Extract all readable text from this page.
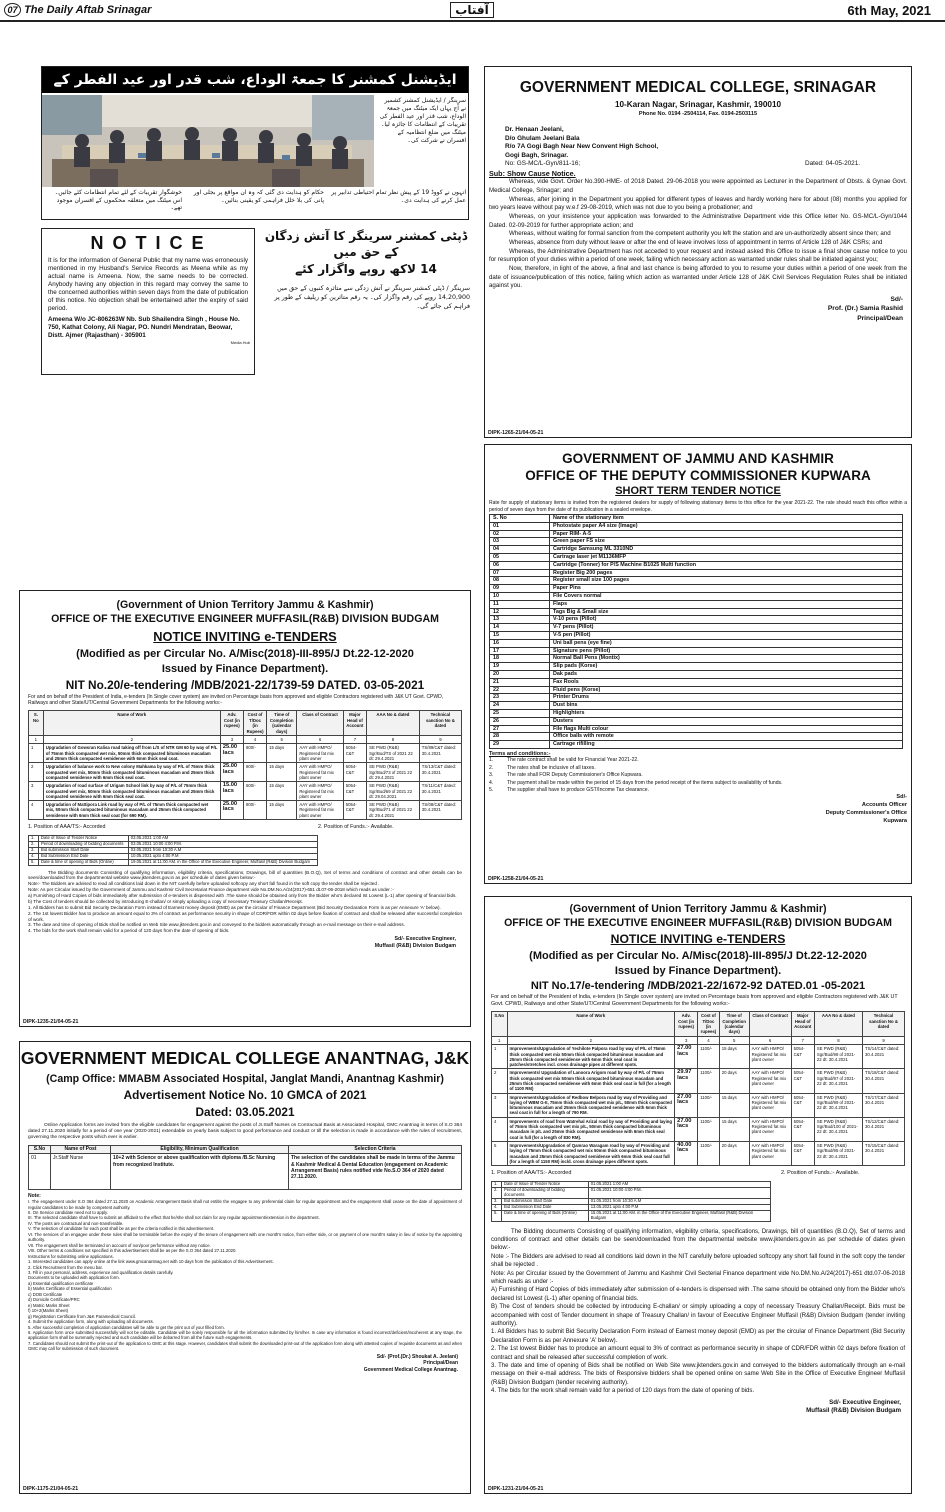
07 The Daily Aftab Srinagar	آفتاب	6th May, 2021
ایڈیشنل کمشنر کا جمعۃ الوداع، شب قدر اور عید الفطر کے
سرینگر / ایڈیشنل کمشنر کشمیر نے آج یہاں ایک میٹنگ میں جمعۃ الوداع، شب قدر اور عید الفطر کی تقریبات کے انتظامات کا جائزہ لیا۔ میٹنگ میں ضلع انتظامیہ کے افسران نے شرکت کی۔
انہوں نے کووڈ 19 کے پیش نظر تمام احتیاطی تدابیر پر عمل کرنے کی ہدایت دی۔
حکام کو ہدایت دی گئی کہ وہ ان مواقع پر بجلی اور پانی کی بلا خلل فراہمی کو یقینی بنائیں۔
خوشگوار تقریبات کے لئے تمام انتظامات کئے جائیں۔ اس میٹنگ میں متعلقہ محکموں کے افسران موجود تھے۔
N O T I C E
It is for the information of General Public that my name was erroneously mentioned in my Husband's Service Records as Meena while as my actual name is Ameena. Now, the same needs to be corrected. Anybody having any objection in this regard may convey the same to the concerned authorities within seven days from the date of publication of this notice. No objection shall be entertained after the expiry of said period.
Ameena W/o JC-806263W Nb. Sub Shailendra Singh , House No. 750, Kathat Colony, Ali Nagar, PO. Nundri Mendratan, Beowar, Distt. Ajmer (Rajasthan) - 305901
Media Hub
ڈپٹی کمشنر سرینگر کا آتش زدگان کے حق میں
14 لاکھ روپے واگزار کئے
سرینگر / ڈپٹی کمشنر سرینگر نے آتش زدگی سے متاثرہ کنبوں کے حق میں 14,20,900 روپے کی رقم واگزار کی۔ یہ رقم متاثرین کو ریلیف کے طور پر فراہم کی جائے گی۔
GOVERNMENT MEDICAL COLLEGE, SRINAGAR
10-Karan Nagar, Srinagar, Kashmir, 190010
Phone No. 0194 -2504114, Fax. 0194-2503115
Dr. Henaan Jeelani,
D/o Ghulam Jeelani Bala
R/o 7A Gogi Bagh Near New Convent High School,
Gogi Bagh, Srinagar.
No: GS-MC/L-Gyn/811-16;	Dated: 04-05-2021.
Sub: Show Cause Notice.

Whereas, vide Govt. Order No.390-HME- of 2018 Dated. 29-06-2018 you were appointed as Lecturer in the Department of Obsts. & Gynae Govt. Medical College, Srinagar; and

Whereas, after joining in the Department you applied for different types of leaves and hardly working here for about (08) months you applied for two years leave without pay w.e.f 29-08-2019, which was not due to you being a probationer; and

Whereas, on your insistence your application was forwarded to the Administrative Department vide this Office letter No. GS-MC/L-Gyn/1044 Dated. 02-09-2019 for further appropriate action; and

Whereas, without waiting for formal sanction from the competent authority you left the station and are un-authorizedly absent since then; and

Whereas, absence from duty without leave or after the end of leave involves loss of appointment in terms of Article 128 of J&K CSRs; and

Whereas, the Administrative Department has not acceded to your request and instead asked this Office to issue a final show cause notice to you for resumption of your duties within a period of one week, failing which necessary action as warranted under rules shall be initiated against you;

Now, therefore, in light of the above, a final and last chance is being afforded to you to resume your duties within a period of one week from the date of issuance/publication of this notice, failing which action as warranted under Article 128 of J&K Civil Services Regulation Rules shall be initiated against you.

Sd/-
Prof. (Dr.) Samia Rashid
Principal/Dean
DIPK-1265-21/04-05-21
GOVERNMENT OF JAMMU AND KASHMIR
OFFICE OF THE DEPUTY COMMISSIONER KUPWARA
SHORT TERM TENDER NOTICE
Rate for supply of stationary items is invited from the registered dealers for supply of following stationary items to this office for the year 2021-22. The rate should reach this office within a period of seven days from the date of its publication in a sealed envelope.
S. No	Name of the stationary item
01	Photostate paper A4 size (Image)
02	Paper RIM- A-5
03	Green paper FS size
04	Cartridge Samsung ML 3310ND
05	Cartrage laser jet M1136MFP
06	Cartridge (Tonner) for P/S Machine B1025 Multi function
07	Register Big 200 pages
08	Register small size 100 pages
09	Paper Pins
10	File Covers normal
11	Flaps
12	Tags Big & Small size
13	V-10 pens (Pillot)
14	V-7 pens (Pillot)
15	V-5 pen (Pillot)
16	Uni ball pens (eye fine)
17	Signature pens (Pillot)
18	Normal Ball Pens (Montix)
19	Slip pads (Korse)
20	Dak pads
21	Fax Rools
22	Fluid pens (Korse)
23	Printer Drums
24	Dust bins
25	Highlighters
26	Dusters
27	File flags Multi colour
28	Office balls with remote
29	Cartrage rifilling
Terms and conditions:-
1.	The rate contract shall be valid for Financial Year 2021-22.
2.	The rates shall be inclusive of all taxes.
3.	The rate shall FOR Deputy Commissioner's Office Kupwara.
4.	The payment shall be made within the period of 15 days from the period receipt of the items subject to availability of funds.
5.	The supplier shall have to produce GST/Income Tax clearance.
Sd/-
Accounts Officer
Deputy Commissioner's Office
Kupwara
DIPK-1258-21/04-05-21
(Government of Union Territory Jammu & Kashmir)
OFFICE OF THE EXECUTIVE ENGINEER MUFFASIL(R&B) DIVISION BUDGAM
NOTICE INVITING e-TENDERS
(Modified as per Circular No. A/Misc(2018)-III-895/J Dt.22-12-2020
Issued by Finance Department).
NIT No.20/e-tendering /MDB/2021-22/1739-59 DATED. 03-05-2021
For and on behalf of the President of India, e-tenders (In Single cover system) are invited on Percentage basis from approved and eligible Contractors registered with J&K UT Govt. CPWD, Railways and other State/UT/Central Government Departments for the following works:-
S. No	Name of Work	Adv. Cost (in rupees)	Cost of T/Doc (in Rupees)	Time of Completion (calendar days)	Class of Contract	Major Head of Account	AAA No & dated	Technical sanction No & dated
1	2	3	4	5	6	7	8	9
1	Upgradation of Gowsran Kalisa road taking off from L/S of NTR GM 60 by way of P/L of 75mm thick compacted wet mix, 50mm thick compacted bituminous macadam and 25mm thick compacted semidense with 6mm thick seal coat.	25.00 lacs	800/-	15 days	AAY with HMPO/ Registered fat mix plant owner	5054- C&T	SE PWD (R&B) Sgr/Bud/TS of 2021 22 dt: 29.4.2021	TS/89/C&T dated: 30.4.2021
2	Upgradation of balance work to New colony Mahkama by way of P/L of 75mm thick compacted wet mix, 50mm thick compacted bituminous macadam and 25mm thick compacted semidense with 6mm thick seal coat.	25.00 lacs	800/-	15 days	AAY with HMPO/ Registered fat mix plant owner	5054- C&T	SE PWD (R&B) Sgr/Bud/73 of 2021 22 dt: 29.4.2021	TS/13/C&T dated: 30.4.2021
3	Upgradation of road surface of Urigam School link by way of P/L of 75mm thick compacted wet mix, 50mm thick compacted bituminous macadam and 25mm thick compacted semidense with 6mm thick seal coat.	15.00 lacs	600/-	15 days	AAY with HMPO/ Registered fat mix plant owner	5054- C&T	SE PWD (R&B) Sgr/Bud/69 of 2021 22 dt: 29.04.2021	TS/11/C&T dated: 30.4.2021
4	Upgradation of Mattipora Link road by way of P/L of 75mm thick compacted wet mix, 50mm thick compacted bituminous macadam and 25mm thick compacted semidense with 6mm thick seal coat (for 690 RM).	25.00 lacs	800/-	15 days	AAY with HMPO/ Registered fat mix plant owner	5054- C&T	SE PWD (R&B) Sgr/Bud/71 of 2021 22 dt: 29.4.2021	TS/08/C&T dated: 30.4.2021
1. Position of AAA/TS:- Accorded	2. Position of Funds.:- Available.
1.	Date of Issue of Tender Notice	03.05.2021 1:00 AM
2.	Period of downloading of bidding documents	03.05.2021 10:00 4:00 P.M.
3.	Bid submission Start Date	03.05.2021 from 10:30 A.M
4.	Bid Submission End Date	10.05.2021 upto 4:00 P.M
5.	Date & time of opening of Bids (Online)	19.05.2021 at 11:00 AM. in the Office of the Executive Engineer, Muffasil (R&B) Division Budgam
The Bidding documents Consisting of qualifying information, eligibility criteria, specifications, Drawings, bill of quantities (B.O.Q), Set of terms and conditions of contract and other details can be seen/downloaded from the departmental website www.jktenders.gov.in as per schedule of dates given below:-
Note:- The Bidders are advised to read all conditions laid down in the NIT carefully before uploaded softcopy any short fall found in the soft copy the tender shall be rejected .
Note: As per Circular issued by the Government of Jammu and Kashmir Civil Secretariat Finance department vide No.DM.No.A/24(2017)-651 dt.07-06-2018 which reads as under :-
a) Furnishing of Hard Copies of bids immediately after submission of e-tenders is dispensed with .The same should be obtained only from the Bidder who's declared Ist Lowest (L-1) after opening of financial bids.
b) The Cost of tenders should be collected by introducing E-challan/ or simply uploading a copy of necessary Treasury Challan/Receipt.
1. All Bidders has to submit Bid Security Declaration Form instead of Earnest money deposit (EMD) as per the circular of Finance Department (Bid Security Declaration Form is as per Annexure 'A' below).
2. The 1st lowest Bidder has to produce an amount equal to 3% of contract as performance security in shape of CDR/FDR within 02 days before fixation of contract and shall be released after successful completion of work.
3. The date and time of opening of Bids shall be notified on Web Site www.jktenders.gov.in and conveyed to the bidders automatically through an e-mail message on their e-mail address.
4. The bids for the work shall remain valid for a period of 120 days from the date of opening of bids.
Sd/- Executive Engineer,
Muffasil (R&B) Division Budgam
DIPK-1235-21/04-05-21
GOVERNMENT MEDICAL COLLEGE ANANTNAG, J&K
(Camp Office: MMABM Associated Hospital, Janglat Mandi, Anantnag Kashmir)
Advertisement Notice No. 10 GMCA of 2021
Dated: 03.05.2021
Online Application forms are invited from the eligible candidates for engagement against the posts of Jr.Staff Nurses on Contractual Basis at Associated Hospital, GMC Anantnag in terms of S.O 364 dated 27.11.2020 initially for a period of one year (2020-2021) extendable on yearly basis subject to good performance and conduct or till the selection is made in accordance with the rules of recruitment, governing the respective posts which ever is earlier.
S.No	Name of Post	Eligibility, Minimum Qualification	Selection Criteria
01	Jr.Staff Nurse	10+2 with Science or above qualification with diploma /B.Sc Nursing from recognized Institute.	The selection of the candidates shall be made in terms of the Jammu & Kashmir Medical & Dental Education (engagement on Academic Arrangement Basis) rules notified vide No.S.O 364 of 2020 dated 27.11.2020.
Note:
I. The engagement under S.O 364 dated 27.11.2020 on Academic Arrangement Basis shall not entitle the engagee to any preferential claim for regular appointment and the engagement shall cease on the date of appointment of regular candidates to be made by competent authority.
II. On Service candidate need not to apply.
III. The selected candidate shall have to submit an affidavit to the effect that he/she shall not claim for any regular appointment/extension in the department.
IV. The posts are contractual and non-transferable.
V. The selection of candidate for each post shall be as per the criteria notified in this advertisement.
VI. The services of an engagee under these rules shall be terminable before the expiry of the tenure of engagement with one month's notice, from either side, or on payment of one month's salary in lieu of notice by the appointing authority.
VII. The engagement shall be terminated on account of non/poor performance without any notice.
VIII. Other terms & conditions not specified in this advertisement shall be as per the S.O 364 dated 27.11.2020.
Instructions for submitting online applications.
1. Interested candidates can apply online at the link www.gmcanantnag.net with 10 days from the publication of this Advertisement.
2. Click Recruitment from the menu bar.
3. Fill in your personal, address, experience and qualification details carefully.
Documents to be uploaded with application form.
a) Essential qualification certificate
b) Marks Certificate of Essential qualification
c) DOB Certificate
d) Domicile Certificate/PRC
e) Matric Marks Sheet
f) 10+2(Marks Sheet)
g) Registration Certificate from J&K Paramedical Council.
4. Submit the application form, along with uploading all documents.
5. After successful completion of application candidates will be able to get the print out of your filled form.
6. Application form once submitted successfully will not be editable. Candidate will be solely responsible for all the information submitted by him/her. In case any information is found incorrect/deficient/incoherent at any stage, the application form shall be summarily rejected and such candidate will be debarred from all the future such engagements.
7. Candidates should not submit the print-out of the application to GMC at this stage. However, candidates shall submit the downloaded print-out of the application form along with attested copies of requisite documents as and when GMC may call for submission of such document.
Sd/- (Prof.(Dr.) Shoukat A. Jeelani)
Principal/Dean
Government Medical College Anantnag.
DIPK-1175-21/04-05-21
(Government of Union Territory Jammu & Kashmir)
OFFICE OF THE EXECUTIVE ENGINEER MUFFASIL(R&B) DIVISION BUDGAM
NOTICE INVITING e-TENDERS
(Modified as per Circular No. A/Misc(2018)-III-895/J Dt.22-12-2020
Issued by Finance Department).
NIT No.17/e-tendering /MDB/2021-22/1672-92 DATED.01 -05-2021
For and on behalf of the President of India, e-tenders (In Single cover system) are invited on Percentage basis from approved and eligible Contractors registered with J&K UT Govt. CPWD, Railways and other State/UT/Central Government Departments for the following works:-
S.No	Name of Work	Adv. Cost (in rupees)	Cost of T/Doc (in rupees)	Time of Completion (calendar days)	Class of Contract	Major Head of Account	AAA No & dated	Technical sanction No & dated
1	2	3	4	5	6	7	8	9
1	Improvements/Upgradation of Yechilote Palpora road by way of P/L of 75mm thick compacted wet mix 50mm thick compacted bituminous macadam and 25mm thick compacted semidense with 6mm thick seal coat in patches/stretches incl. cross drainage pipes at different spots.	27.00 lacs	1100/-	15 days	AAY with HMPO/ Registered fat mix plant owner	5054-C&T	SE PWD (R&B) Sgr/Bud/98 of 2021-22 dt: 30.4.2021	TS/14/C&T dated: 30.4.2021
2	Improvements/ Upgradation of Lanoora Arigom road by way of P/L of 75mm thick compacted wet mix 50mm thick compacted bituminous macadam and 25mm thick compacted semidense with 6mm thick seal coat in full (for a length of 1100 RM)	29.97 lacs	1100/-	20 days	AAY with HMPO/ Registered fat mix plant owner	5054-C&T	SE PWD (R&B) Sgr/Bud/97 of 2021-22 dt: 30.4.2021	TS/18/C&T dated: 30.4.2021
3	Improvements/Upgradation of Redbow Belpora road by way of Providing and laying of WBM G-II, 75mm thick compacted wet mix p/L, 50mm thick compacted bituminous macadam and 25mm thick compacted semidense with 6mm thick seal coat in full for a length of 790 RM.	27.00 lacs	1100/-	15 days	AAY with HMPO/ Registered fat mix plant owner	5054-C&T	SE PWD (R&B) Sgr/Bud/99 of 2021-22 dt: 30.4.2021	TS/17/C&T dated: 30.4.2021
4	Improvements of road from Watrehal Arizal road by way of Providing and laying of 75mm thick compacted wet mix p/L, 50mm thick compacted bituminous macadam in p/L and 25mm thick compacted semidense with 6mm thick seal coat in full (for a length of 830 RM).	27.00 lacs	1100/-	15 days	AAY with HMPO/ Registered fat mix plant owner	5054-C&T	SE PWD (R&B) Sgr/Bud/100 of 2021-22 dt: 30.4.2021	TS/12/C&T dated: 30.4.2021
5	Improvements/Upgradation of Qamrao Waragam road by way of Providing and laying of 75mm thick compacted wet mix 50mm thick compacted bituminous macadam and 25mm thick compacted semidense with 6mm thick seal coat full (for a length of 1150 RM) incld. cross drainage pipes different spots.	40.00 lacs	1100/-	20 days	AAY with HMPO/ Registered fat mix plant owner	5054-C&T	SE PWD (R&B) Sgr/Bud/95 of 2021-22 dt: 30.4.2021	TS/15/C&T dated: 30.4.2021
1. Position of AAA/TS:- Accorded	2. Position of Funds.:- Available.
1.	Date of Issue of Tender Notice	01.05.2021 1:00 AM
2.	Period of downloading of bidding documents	01.05.2021 10:00 4:00 P.M.
3.	Bid submission Start Date	01.05.2021 from 10:30 A.M
4.	Bid Submission End Date	13.05.2021 upto 4:00 P.M
5.	Date & time of opening of Bids (Online)	15.05.2021 at 11:00 AM. in the Office of the Executive Engineer, Muffasil (R&B) Division Budgam
The Bidding documents Consisting of qualifying information, eligibility criteria, specifications, Drawings, bill of quantities (B.O.Q), Set of terms and conditions of contract and other details can be seen/downloaded from the departmental website www.jktenders.gov.in as per schedule of dates given below:-
Note :- The Bidders are advised to read all conditions laid down in the NIT carefully before uploaded softcopy any short fall found in the soft copy the tender shall be rejected .
Note: As per Circular issued by the Government of Jammu and Kashmir Civil Secterial Finance department vide No.DM.No.A/24(2017)-651 dtd.07-06-2018 which reads as under :-
A) Furnishing of Hard Copies of bids immediately after submission of e-tenders is dispensed with .The same should be obtained only from the Bidder who's declared Ist Lowest (L-1) after opening of financial bids.
B) The Cost of tenders should be collected by introducing E-challan/ or simply uploading a copy of necessary Treasury Challan/Receipt. Bids must be accompanied with cost of Tender document in shape of Treasury Challan/ in favour of Executive Engineer Muffasil (R&B) Division Budgam (tender inviting authority).
1. All Bidders has to submit Bid Security Declaration Form instead of Earnest money deposit (EMD) as per the circular of Finance Department (Bid Security Declaration Form is as per Annexure 'A' below).
2. The 1st lowest Bidder has to produce an amount equal to 3% of contract as performance security in shape of CDR/FDR within 02 days before fixation of contract and shall be released after successful completion of work.
3. The date and time of opening of Bids shall be notified on Web Site www.jktenders.gov.in and conveyed to the bidders automatically through an e-mail message on their e-mail address. The bids of Responsive bidders shall be opened online on same Web Site in the Office of Executive Engineer Muffasil (R&B) Division Budgam (tender receiving authority).
4. The bids for the work shall remain valid for a period of 120 days from the date of opening of bids.
Sd/- Executive Engineer,
Muffasil (R&B) Division Budgam
DIPK-1231-21/04-05-21
